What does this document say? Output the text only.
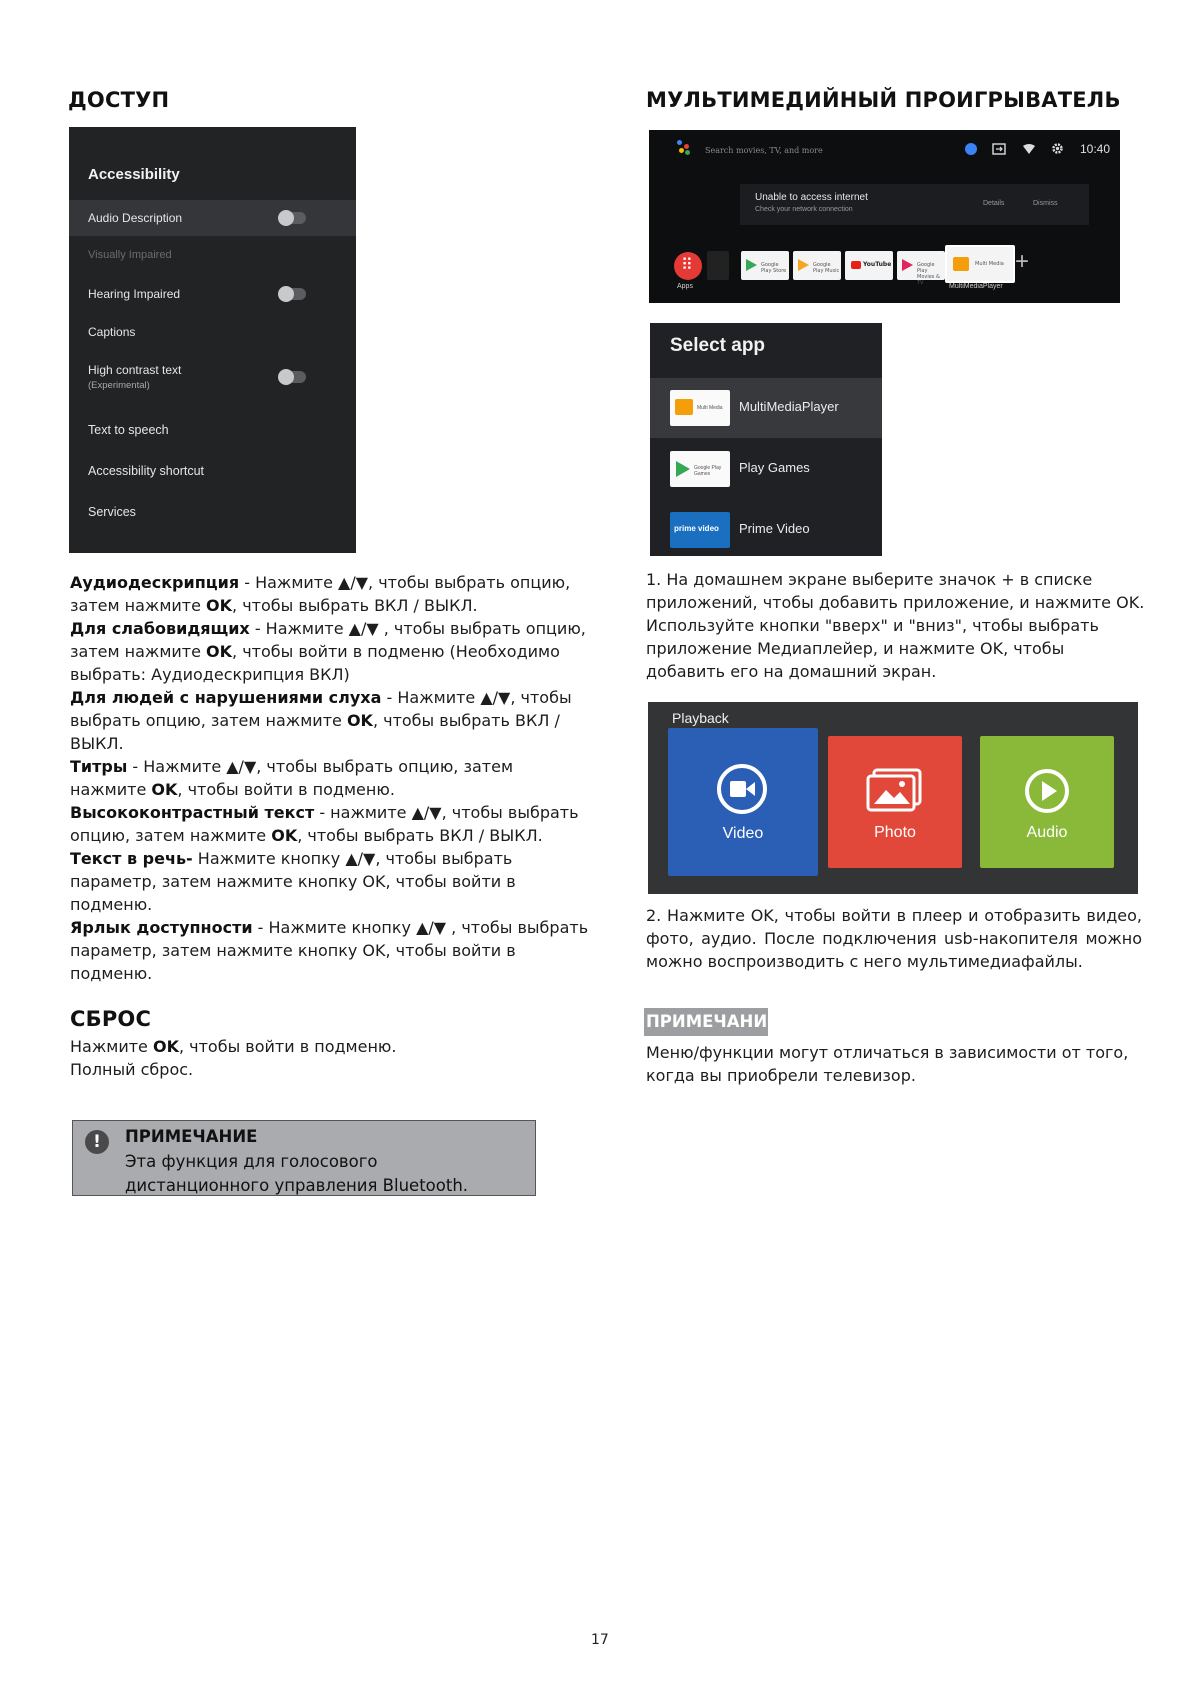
ДОСТУП
Accessibility
Audio Description
Visually Impaired
Hearing Impaired
Captions
High contrast text
(Experimental)
Text to speech
Accessibility shortcut
Services
Аудиодескрипция - Нажмите ▲/▼, чтобы выбрать опцию, затем нажмите OK, чтобы выбрать ВКЛ / ВЫКЛ.
Для слабовидящих - Нажмите ▲/▼ , чтобы выбрать опцию, затем нажмите OK, чтобы войти в подменю (Необходимо выбрать: Аудиодескрипция ВКЛ)
Для людей с нарушениями слуха - Нажмите ▲/▼, чтобы выбрать опцию, затем нажмите OK, чтобы выбрать ВКЛ / ВЫКЛ.
Титры - Нажмите ▲/▼, чтобы выбрать опцию, затем нажмите OK, чтобы войти в подменю.
Высококонтрастный текст - нажмите ▲/▼, чтобы выбрать опцию, затем нажмите OK, чтобы выбрать ВКЛ / ВЫКЛ.
Текст в речь- Нажмите кнопку ▲/▼, чтобы выбрать параметр, затем нажмите кнопку OK, чтобы войти в подменю.
Ярлык доступности - Нажмите кнопку ▲/▼ , чтобы выбрать параметр, затем нажмите кнопку OK, чтобы войти в подменю.
СБРОС
Нажмите OK, чтобы войти в подменю.
Полный сброс.
!	ПРИМЕЧАНИЕ
Эта функция для голосового дистанционного управления Bluetooth.
МУЛЬТИМЕДИЙНЫЙ ПРОИГРЫВАТЕЛЬ
Search movies, TV, and more	10:40
Unable to access internet
Check your network connection
Details	Dismiss
⠿
Apps
Google Play Store
Google Play Music
YouTube	Google Play Movies & TV
Multi Media +
MultiMediaPlayer
Select app
Multi Media MultiMediaPlayer
Google Play Games	Play Games
prime video Prime Video
1. На домашнем экране выберите значок + в списке приложений, чтобы добавить приложение, и нажмите OK. Используйте кнопки "вверх" и "вниз", чтобы выбрать приложение Медиаплейер, и нажмите OK, чтобы добавить его на домашний экран.
Playback
Video	Photo	Audio
2. Нажмите OK, чтобы войти в плеер и отобразить видео, фото, аудио. После подключения usb-накопителя можно можно воспроизводить с него мультимедиафайлы.
ПРИМЕЧАНИЕ
Меню/функции могут отличаться в зависимости от того, когда вы приобрели телевизор.
17
